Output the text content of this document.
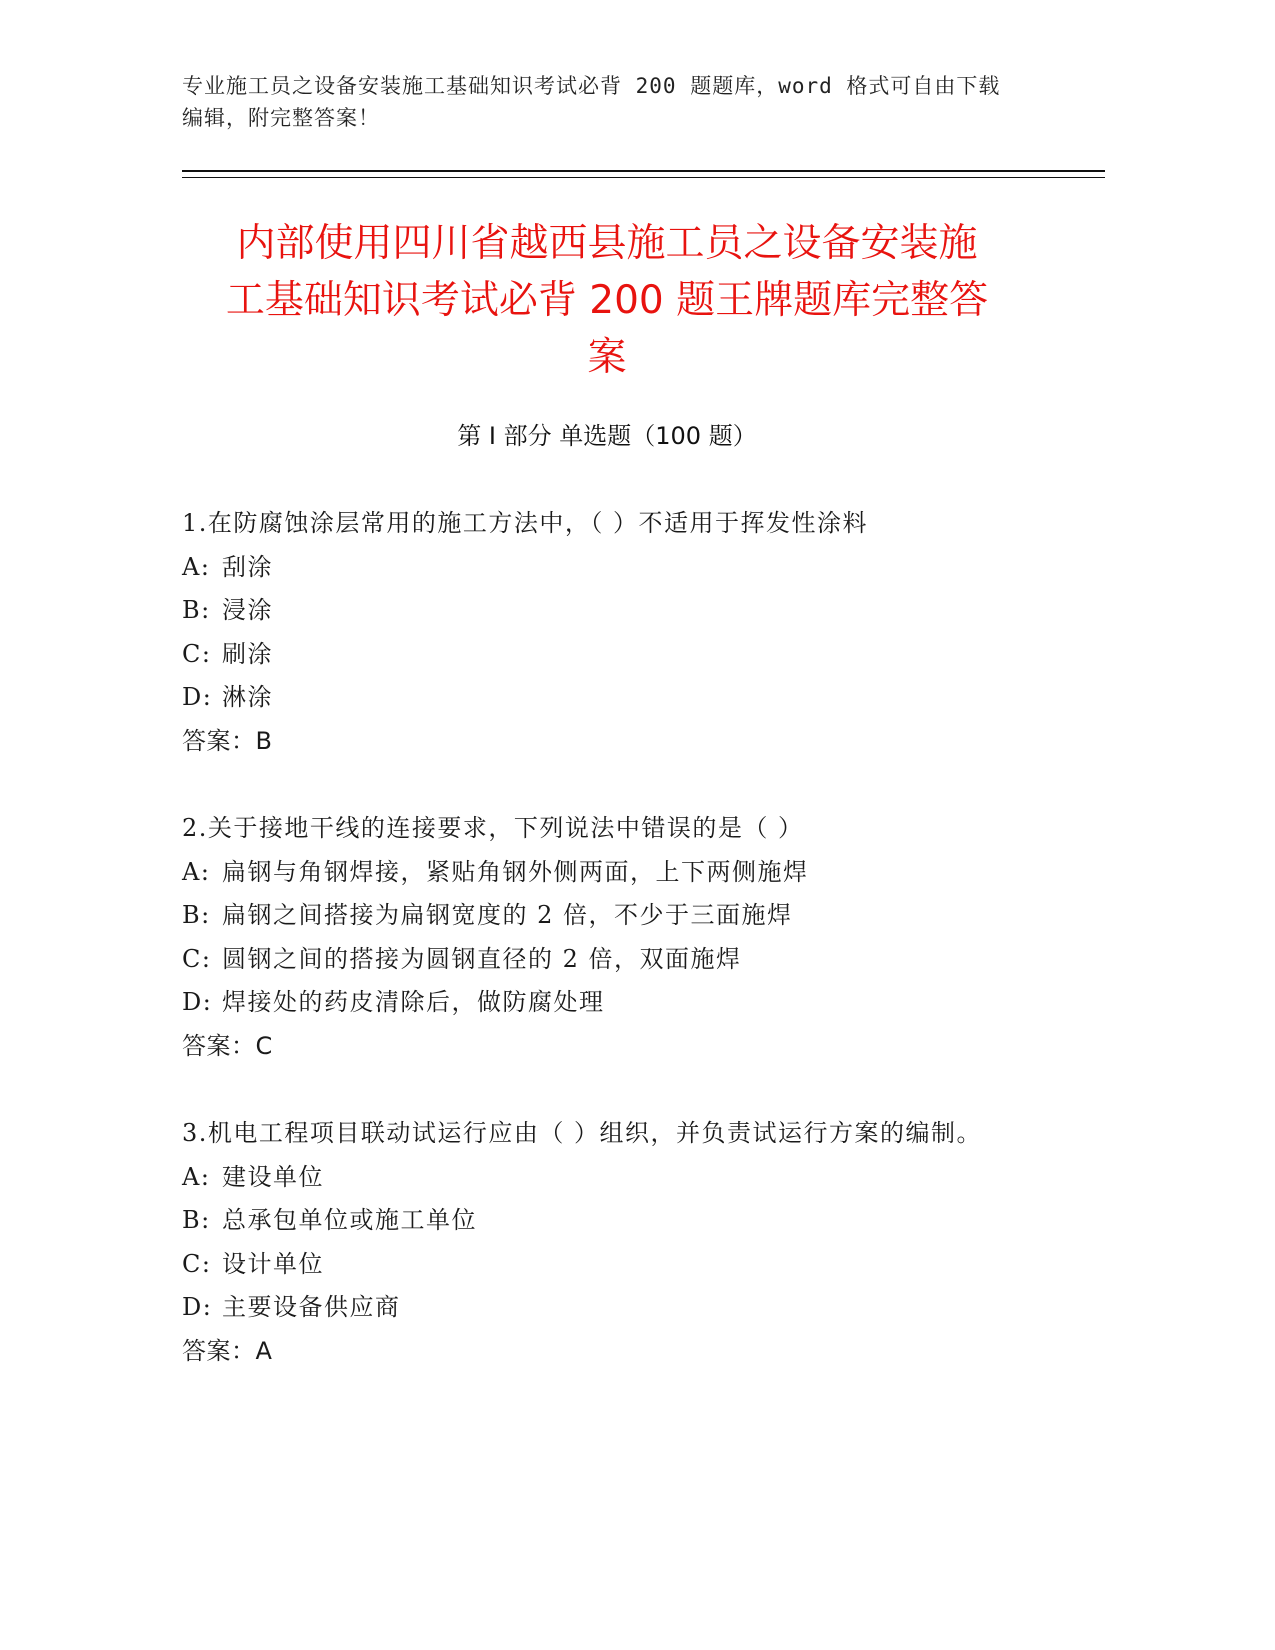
专业施工员之设备安装施工基础知识考试必背 200 题题库，word 格式可自由下载
编辑，附完整答案！
内部使用四川省越西县施工员之设备安装施
工基础知识考试必背 200 题王牌题库完整答
案
第 I 部分 单选题（100 题）
1.在防腐蚀涂层常用的施工方法中，（ ）不适用于挥发性涂料
A: 刮涂
B: 浸涂
C: 刷涂
D: 淋涂
答案：B
2.关于接地干线的连接要求，下列说法中错误的是（ ）
A: 扁钢与角钢焊接，紧贴角钢外侧两面，上下两侧施焊
B: 扁钢之间搭接为扁钢宽度的 2 倍，不少于三面施焊
C: 圆钢之间的搭接为圆钢直径的 2 倍，双面施焊
D: 焊接处的药皮清除后，做防腐处理
答案：C
3.机电工程项目联动试运行应由（ ）组织，并负责试运行方案的编制。
A: 建设单位
B: 总承包单位或施工单位
C: 设计单位
D: 主要设备供应商
答案：A
